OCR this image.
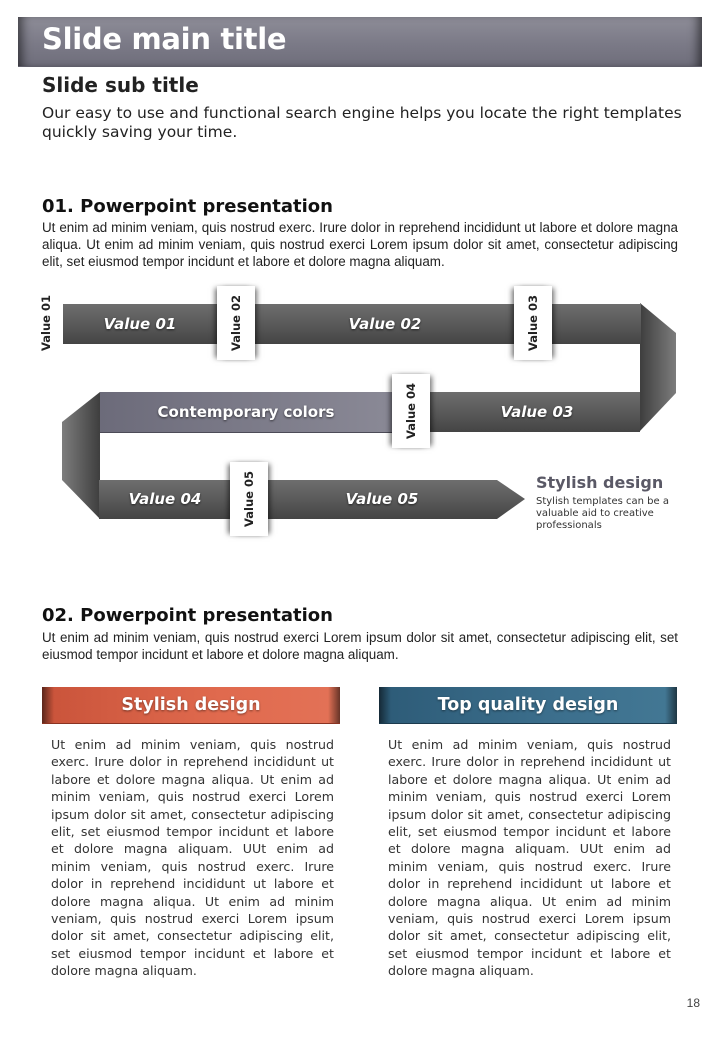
Slide main title
Slide sub title
Our easy to use and functional search engine helps you locate the right templates quickly saving your time.
01. Powerpoint presentation
Ut enim ad minim veniam, quis nostrud exerc. Irure dolor in reprehend incididunt ut labore et dolore magna aliqua. Ut enim ad minim veniam, quis nostrud exerci Lorem ipsum dolor sit amet, consectetur adipiscing elit, set eiusmod tempor incidunt et labore et dolore magna aliquam.
Value 01	Value 02
Contemporary colors	Value 03
Value 04	Value 05
Value 01	Value 02	Value 03
Value 04
Value 05	Stylish design
Stylish templates can be a valuable aid to creative professionals
02. Powerpoint presentation
Ut enim ad minim veniam, quis nostrud exerci Lorem ipsum dolor sit amet, consectetur adipiscing elit, set eiusmod tempor incidunt et labore et dolore magna aliquam.
Stylish design
Ut enim ad minim veniam, quis nostrud exerc. Irure dolor in reprehend incididunt ut labore et dolore magna aliqua. Ut enim ad minim veniam, quis nostrud exerci Lorem ipsum dolor sit amet, consectetur adipiscing elit, set eiusmod tempor incidunt et labore et dolore magna aliquam. UUt enim ad minim veniam, quis nostrud exerc. Irure dolor in reprehend incididunt ut labore et dolore magna aliqua. Ut enim ad minim veniam, quis nostrud exerci Lorem ipsum dolor sit amet, consectetur adipiscing elit, set eiusmod tempor incidunt et labore et dolore magna aliquam.
Top quality design
Ut enim ad minim veniam, quis nostrud exerc. Irure dolor in reprehend incididunt ut labore et dolore magna aliqua. Ut enim ad minim veniam, quis nostrud exerci Lorem ipsum dolor sit amet, consectetur adipiscing elit, set eiusmod tempor incidunt et labore et dolore magna aliquam. UUt enim ad minim veniam, quis nostrud exerc. Irure dolor in reprehend incididunt ut labore et dolore magna aliqua. Ut enim ad minim veniam, quis nostrud exerci Lorem ipsum dolor sit amet, consectetur adipiscing elit, set eiusmod tempor incidunt et labore et dolore magna aliquam.
18
